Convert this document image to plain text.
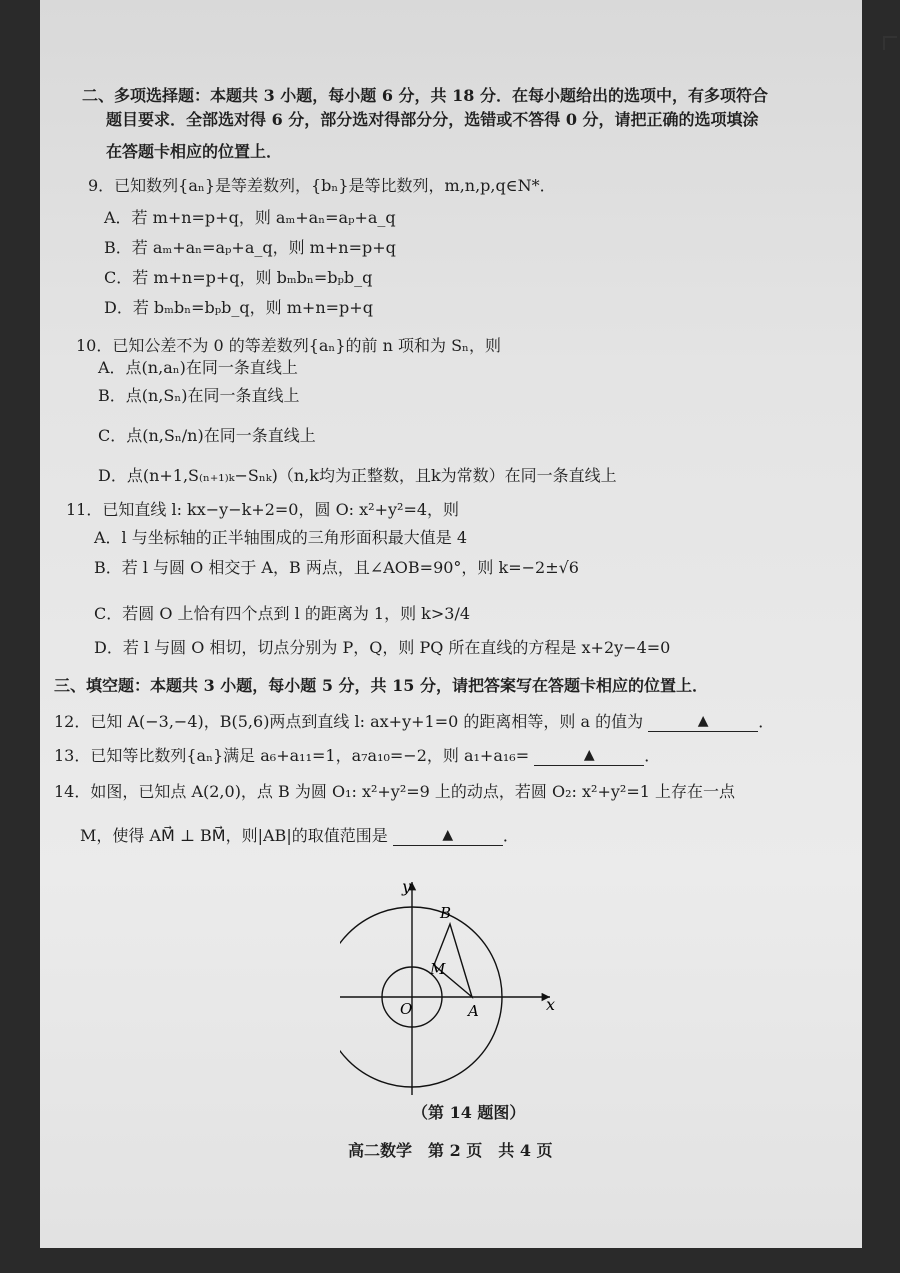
二、多项选择题：本题共 3 小题，每小题 6 分，共 18 分．在每小题给出的选项中，有多项符合
题目要求．全部选对得 6 分，部分选对得部分分，选错或不答得 0 分，请把正确的选项填涂
在答题卡相应的位置上．
9．已知数列{aₙ}是等差数列，{bₙ}是等比数列，m,n,p,q∈N*．
A．若 m+n=p+q，则 aₘ+aₙ=aₚ+a_q
B．若 aₘ+aₙ=aₚ+a_q，则 m+n=p+q
C．若 m+n=p+q，则 bₘbₙ=bₚb_q
D．若 bₘbₙ=bₚb_q，则 m+n=p+q
10．已知公差不为 0 的等差数列{aₙ}的前 n 项和为 Sₙ，则
A．点(n,aₙ)在同一条直线上
B．点(n,Sₙ)在同一条直线上
C．点(n,Sₙ/n)在同一条直线上
D．点(n+1,S₍ₙ₊₁₎ₖ−Sₙₖ)（n,k均为正整数，且k为常数）在同一条直线上
11．已知直线 l: kx−y−k+2=0，圆 O: x²+y²=4，则
A．l 与坐标轴的正半轴围成的三角形面积最大值是 4
B．若 l 与圆 O 相交于 A，B 两点，且∠AOB=90°，则 k=−2±√6
C．若圆 O 上恰有四个点到 l 的距离为 1，则 k>3/4
D．若 l 与圆 O 相切，切点分别为 P，Q，则 PQ 所在直线的方程是 x+2y−4=0
三、填空题：本题共 3 小题，每小题 5 分，共 15 分，请把答案写在答题卡相应的位置上．
12．已知 A(−3,−4)，B(5,6)两点到直线 l: ax+y+1=0 的距离相等，则 a 的值为	▲	．
13．已知等比数列{aₙ}满足 a₆+a₁₁=1，a₇a₁₀=−2，则 a₁+a₁₆=	▲	．
14．如图，已知点 A(2,0)，点 B 为圆 O₁: x²+y²=9 上的动点，若圆 O₂: x²+y²=1 上存在一点
M，使得 AM⃗ ⊥ BM⃗，则|AB|的取值范围是	▲	．
y
x
B
M
O	A
（第 14 题图）
高二数学　第 2 页　共 4 页
